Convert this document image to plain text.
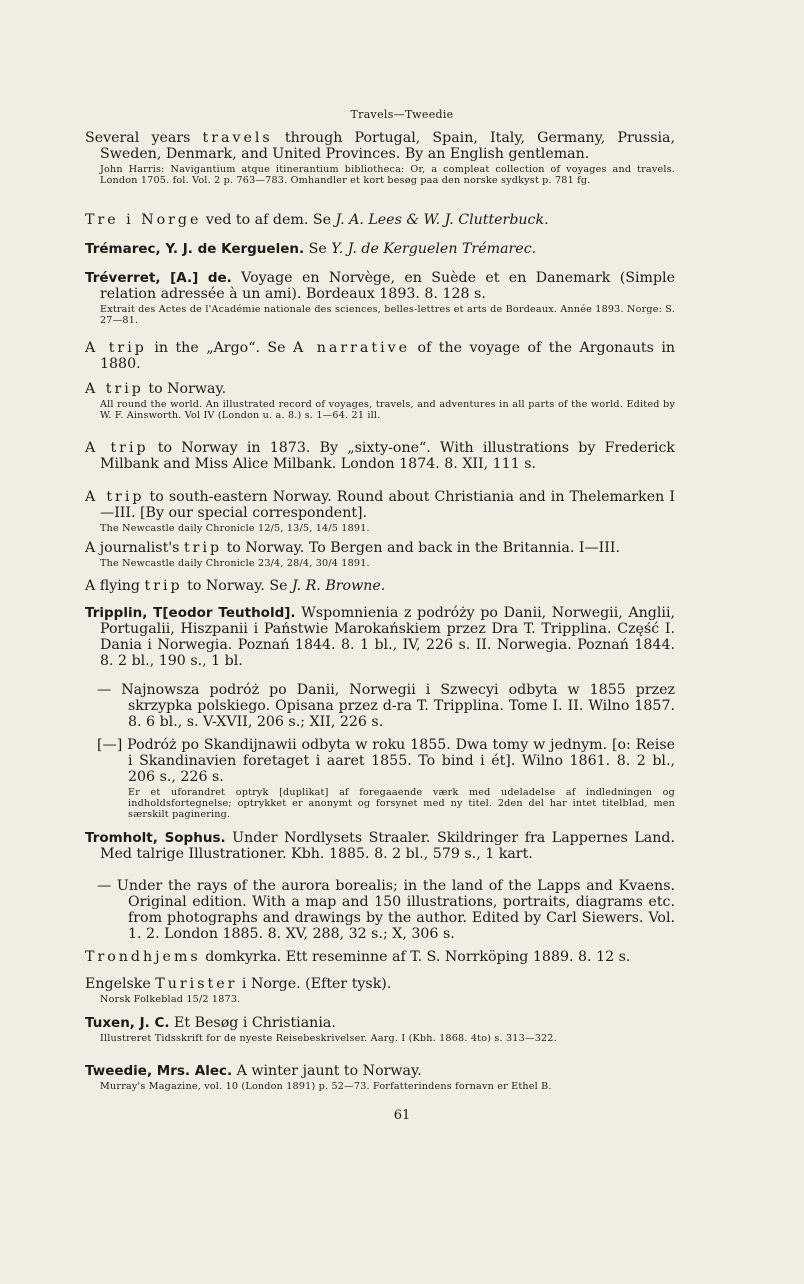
Travels—Tweedie

Several years travels through Portugal, Spain, Italy, Germany, Prussia, Sweden, Denmark, and United Provinces. By an English gentleman.

John Harris: Navigantium atque itinerantium bibliotheca: Or, a compleat collection of voyages and travels. London 1705. fol. Vol. 2 p. 763—783. Omhandler et kort besøg paa den norske sydkyst p. 781 fg.

Tre i Norge ved to af dem. Se J. A. Lees & W. J. Clutterbuck.

Trémarec, Y. J. de Kerguelen. Se Y. J. de Kerguelen Trémarec.

Tréverret, [A.] de. Voyage en Norvège, en Suède et en Danemark (Simple relation adressée à un ami). Bordeaux 1893. 8. 128 s.

Extrait des Actes de l'Académie nationale des sciences, belles-lettres et arts de Bordeaux. Année 1893. Norge: S. 27—81.

A trip in the „Argo“. Se A narrative of the voyage of the Argonauts in 1880.

A trip to Norway.

All round the world. An illustrated record of voyages, travels, and adventures in all parts of the world. Edited by W. F. Ainsworth. Vol IV (London u. a. 8.) s. 1—64. 21 ill.

A trip to Norway in 1873. By „sixty-one“. With illustrations by Frederick Milbank and Miss Alice Milbank. London 1874. 8. XII, 111 s.

A trip to south-eastern Norway. Round about Christiania and in Thelemarken I—III. [By our special correspondent].

The Newcastle daily Chronicle 12/5, 13/5, 14/5 1891.

A journalist's trip to Norway. To Bergen and back in the Britannia. I—III.

The Newcastle daily Chronicle 23/4, 28/4, 30/4 1891.

A flying trip to Norway. Se J. R. Browne.

Tripplin, T[eodor Teuthold]. Wspomnienia z podróży po Danii, Norwegii, Anglii, Portugalii, Hiszpanii i Państwie Marokańskiem przez Dra T. Tripplina. Część I. Dania i Norwegia. Poznań 1844. 8. 1 bl., IV, 226 s. II. Norwegia. Poznań 1844. 8. 2 bl., 190 s., 1 bl.

— Najnowsza podróż po Danii, Norwegii i Szwecyi odbyta w 1855 przez skrzypka polskiego. Opisana przez d-ra T. Tripplina. Tome I. II. Wilno 1857. 8. 6 bl., s. V-XVII, 206 s.; XII, 226 s.

[—] Podróż po Skandijnawii odbyta w roku 1855. Dwa tomy w jednym. [o: Reise i Skandinavien foretaget i aaret 1855. To bind i ét]. Wilno 1861. 8. 2 bl., 206 s., 226 s.

Er et uforandret optryk [duplikat] af foregaaende værk med udeladelse af indledningen og indholdsfortegnelse; optrykket er anonymt og forsynet med ny titel. 2den del har intet titelblad, men særskilt paginering.

Tromholt, Sophus. Under Nordlysets Straaler. Skildringer fra Lappernes Land. Med talrige Illustrationer. Kbh. 1885. 8. 2 bl., 579 s., 1 kart.

— Under the rays of the aurora borealis; in the land of the Lapps and Kvaens. Original edition. With a map and 150 illustrations, portraits, diagrams etc. from photographs and drawings by the author. Edited by Carl Siewers. Vol. 1. 2. London 1885. 8. XV, 288, 32 s.; X, 306 s.

Trondhjems domkyrka. Ett reseminne af T. S. Norrköping 1889. 8. 12 s.

Engelske Turister i Norge. (Efter tysk).

Norsk Folkeblad 15/2 1873.

Tuxen, J. C. Et Besøg i Christiania.

Illustreret Tidsskrift for de nyeste Reisebeskrivelser. Aarg. I (Kbh. 1868. 4to) s. 313—322.

Tweedie, Mrs. Alec. A winter jaunt to Norway.

Murray's Magazine, vol. 10 (London 1891) p. 52—73. Forfatterindens fornavn er Ethel B.

61
